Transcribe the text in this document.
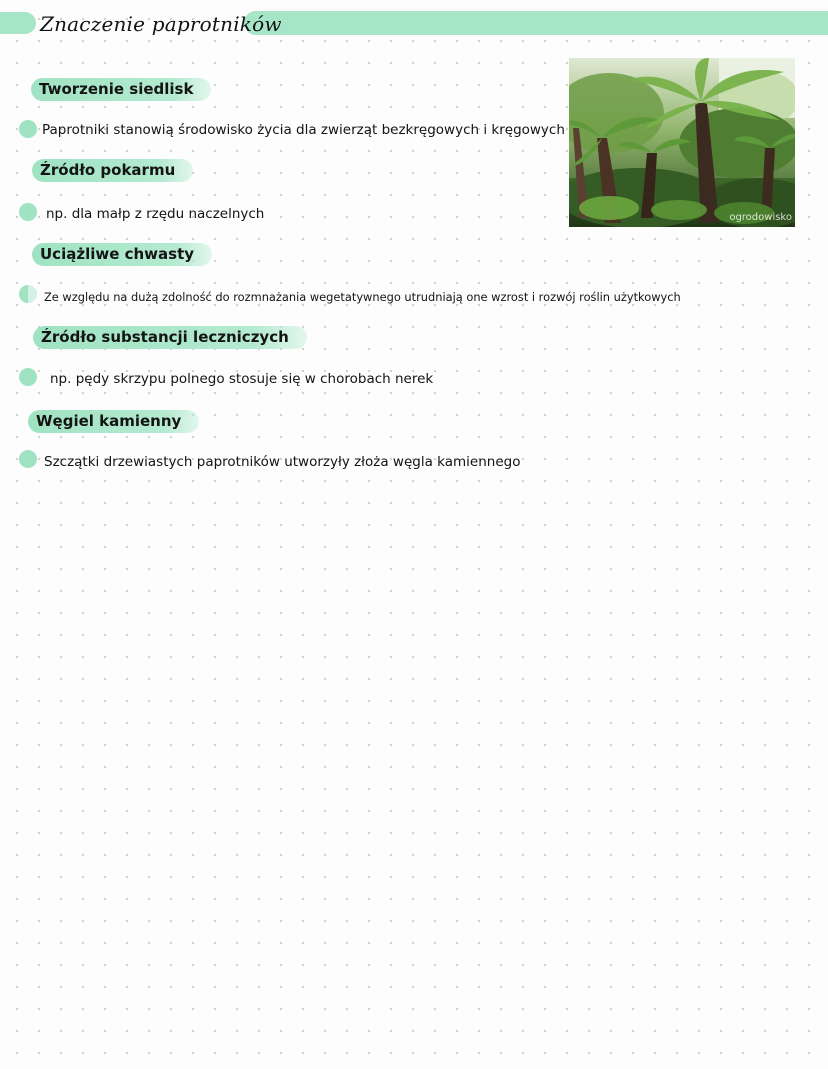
Znaczenie paprotników
Tworzenie siedlisk

Paprotniki stanowią środowisko życia dla zwierząt bezkręgowych i kręgowych

Źródło pokarmu

np. dla małp z rzędu naczelnych

Uciążliwe chwasty

Ze względu na dużą zdolność do rozmnażania wegetatywnego utrudniają one wzrost i rozwój roślin użytkowych

Źródło substancji leczniczych

np. pędy skrzypu polnego stosuje się w chorobach nerek

Węgiel kamienny

Szczątki drzewiastych paprotników utworzyły złoża węgla kamiennego

ogrodowisko
